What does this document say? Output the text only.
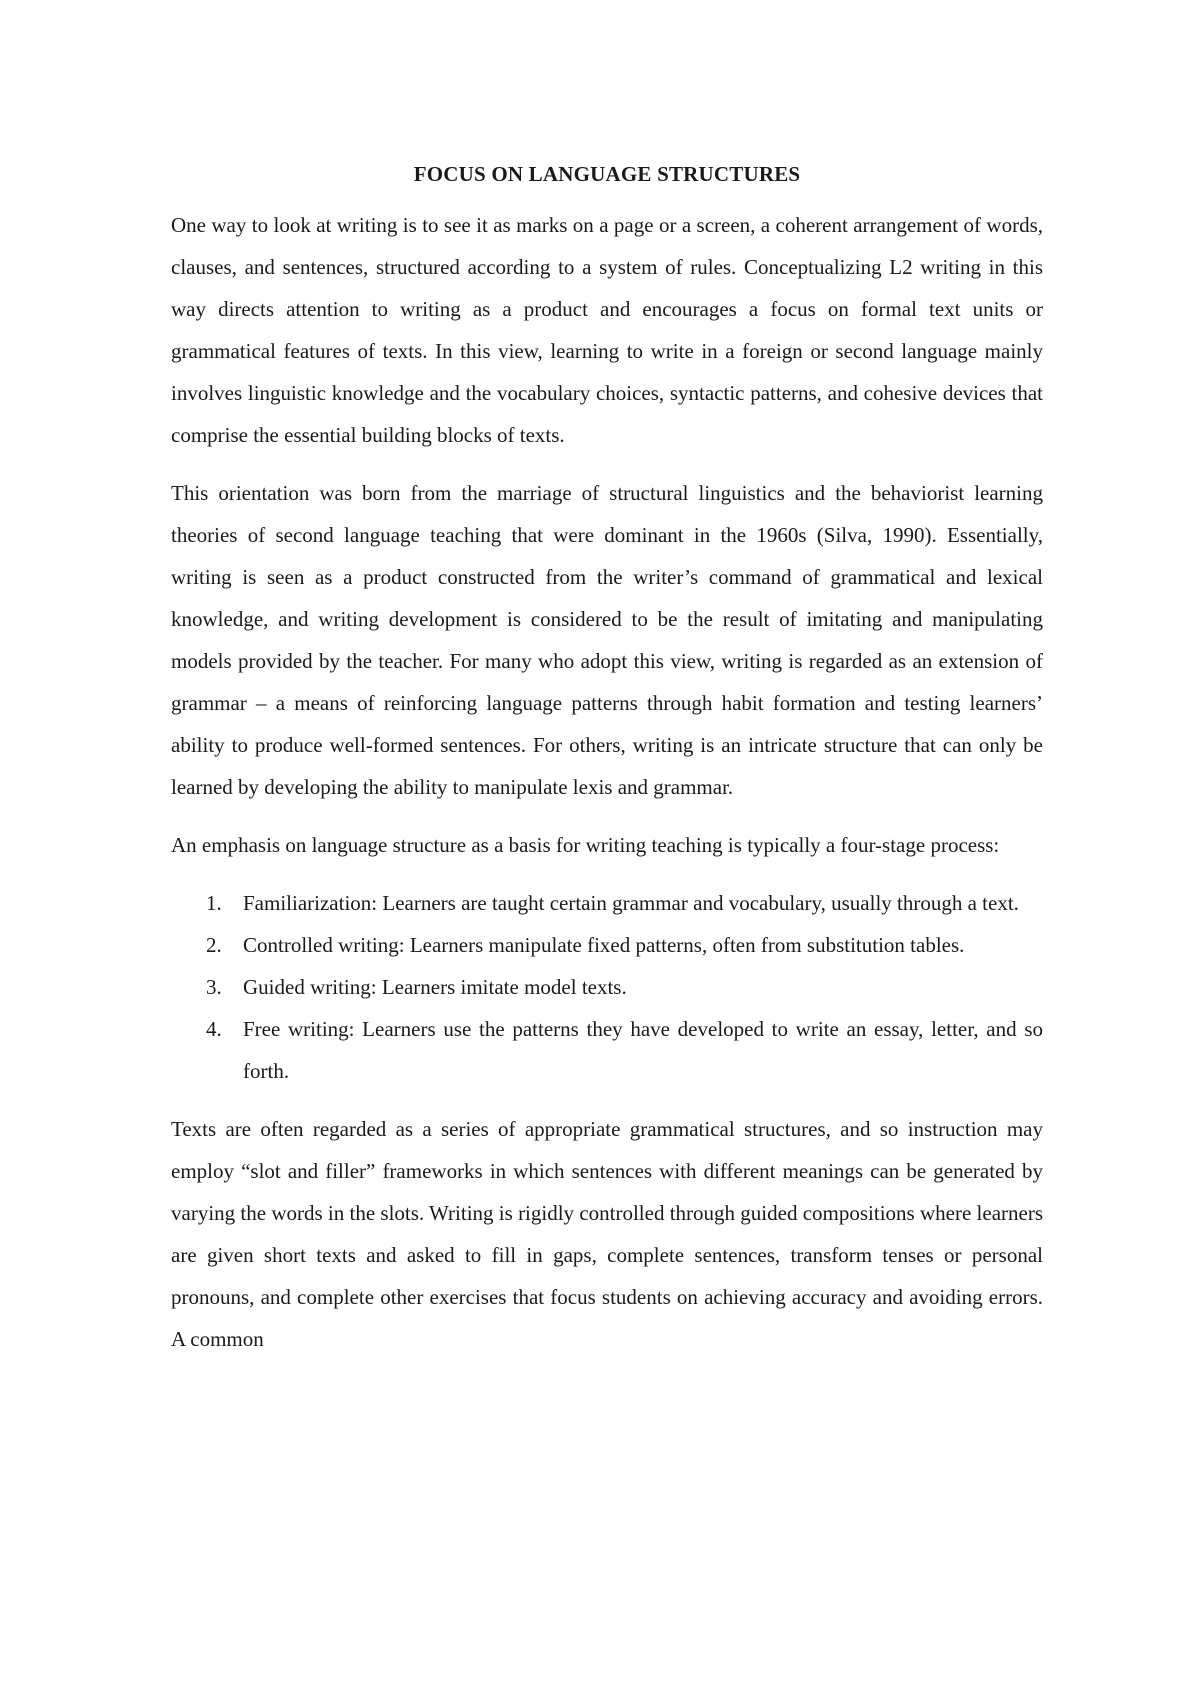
FOCUS ON LANGUAGE STRUCTURES

One way to look at writing is to see it as marks on a page or a screen, a coherent arrangement of words, clauses, and sentences, structured according to a system of rules. Conceptualizing L2 writing in this way directs attention to writing as a product and encourages a focus on formal text units or grammatical features of texts. In this view, learning to write in a foreign or second language mainly involves linguistic knowledge and the vocabulary choices, syntactic patterns, and cohesive devices that comprise the essential building blocks of texts.

This orientation was born from the marriage of structural linguistics and the behaviorist learning theories of second language teaching that were dominant in the 1960s (Silva, 1990). Essentially, writing is seen as a product constructed from the writer’s command of grammatical and lexical knowledge, and writing development is considered to be the result of imitating and manipulating models provided by the teacher. For many who adopt this view, writing is regarded as an extension of grammar – a means of reinforcing language patterns through habit formation and testing learners’ ability to produce well-formed sentences. For others, writing is an intricate structure that can only be learned by developing the ability to manipulate lexis and grammar.

An emphasis on language structure as a basis for writing teaching is typically a four-stage process:

1. Familiarization: Learners are taught certain grammar and vocabulary, usually through a text.
2. Controlled writing: Learners manipulate fixed patterns, often from substitution tables.
3. Guided writing: Learners imitate model texts.
4. Free writing: Learners use the patterns they have developed to write an essay, letter, and so forth.

Texts are often regarded as a series of appropriate grammatical structures, and so instruction may employ “slot and filler” frameworks in which sentences with different meanings can be generated by varying the words in the slots. Writing is rigidly controlled through guided compositions where learners are given short texts and asked to fill in gaps, complete sentences, transform tenses or personal pronouns, and complete other exercises that focus students on achieving accuracy and avoiding errors. A common
